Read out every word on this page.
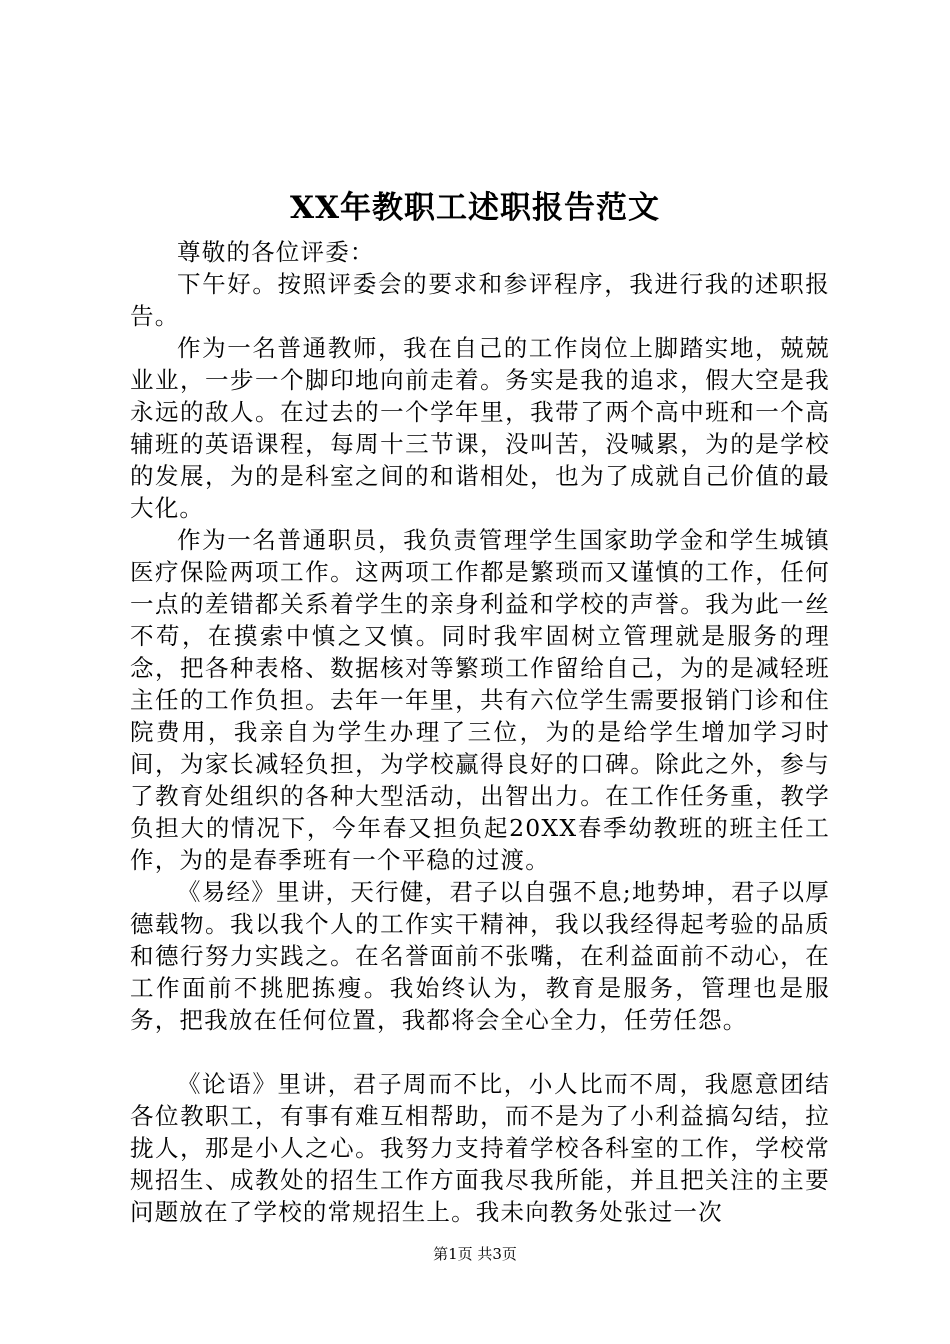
XX年教职工述职报告范文

尊敬的各位评委：

下午好。按照评委会的要求和参评程序，我进行我的述职报告。

作为一名普通教师，我在自己的工作岗位上脚踏实地，兢兢业业，一步一个脚印地向前走着。务实是我的追求，假大空是我永远的敌人。在过去的一个学年里，我带了两个高中班和一个高辅班的英语课程，每周十三节课，没叫苦，没喊累，为的是学校的发展，为的是科室之间的和谐相处，也为了成就自己价值的最大化。

作为一名普通职员，我负责管理学生国家助学金和学生城镇医疗保险两项工作。这两项工作都是繁琐而又谨慎的工作，任何一点的差错都关系着学生的亲身利益和学校的声誉。我为此一丝不苟，在摸索中慎之又慎。同时我牢固树立管理就是服务的理念，把各种表格、数据核对等繁琐工作留给自己，为的是减轻班主任的工作负担。去年一年里，共有六位学生需要报销门诊和住院费用，我亲自为学生办理了三位，为的是给学生增加学习时间，为家长减轻负担，为学校赢得良好的口碑。除此之外，参与了教育处组织的各种大型活动，出智出力。在工作任务重，教学负担大的情况下，今年春又担负起20XX春季幼教班的班主任工作，为的是春季班有一个平稳的过渡。

《易经》里讲，天行健，君子以自强不息;地势坤，君子以厚德载物。我以我个人的工作实干精神，我以我经得起考验的品质和德行努力实践之。在名誉面前不张嘴，在利益面前不动心，在工作面前不挑肥拣瘦。我始终认为，教育是服务，管理也是服务，把我放在任何位置，我都将会全心全力，任劳任怨。

《论语》里讲，君子周而不比，小人比而不周，我愿意团结各位教职工，有事有难互相帮助，而不是为了小利益搞勾结，拉拢人，那是小人之心。我努力支持着学校各科室的工作，学校常规招生、成教处的招生工作方面我尽我所能，并且把关注的主要问题放在了学校的常规招生上。我未向教务处张过一次

第1页 共3页
